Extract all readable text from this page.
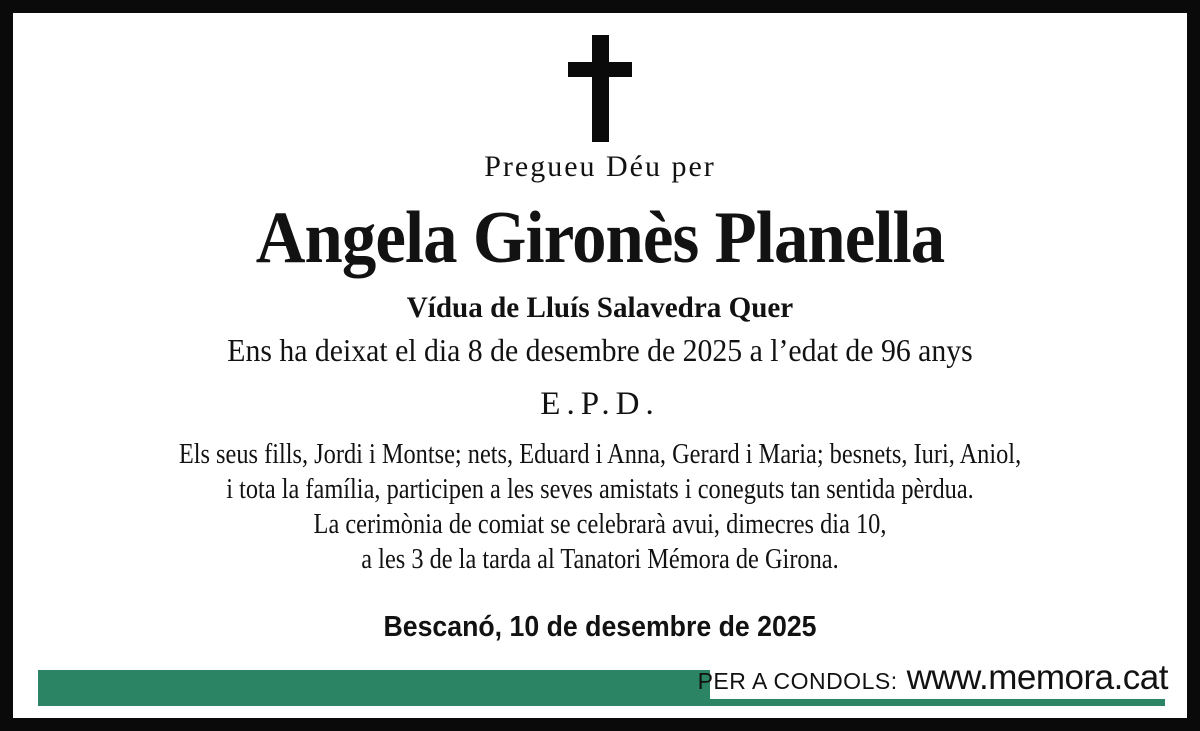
Pregueu Déu per
Angela Gironès Planella
Vídua de Lluís Salavedra Quer
Ens ha deixat el dia 8 de desembre de 2025 a l’edat de 96 anys
E.P.D.
Els seus fills, Jordi i Montse; nets, Eduard i Anna, Gerard i Maria; besnets, Iuri, Aniol,
i tota la família, participen a les seves amistats i coneguts tan sentida pèrdua.
La cerimònia de comiat se celebrarà avui, dimecres dia 10,
a les 3 de la tarda al Tanatori Mémora de Girona.
Bescanó, 10 de desembre de 2025
PER A CONDOLS: www.memora.cat
